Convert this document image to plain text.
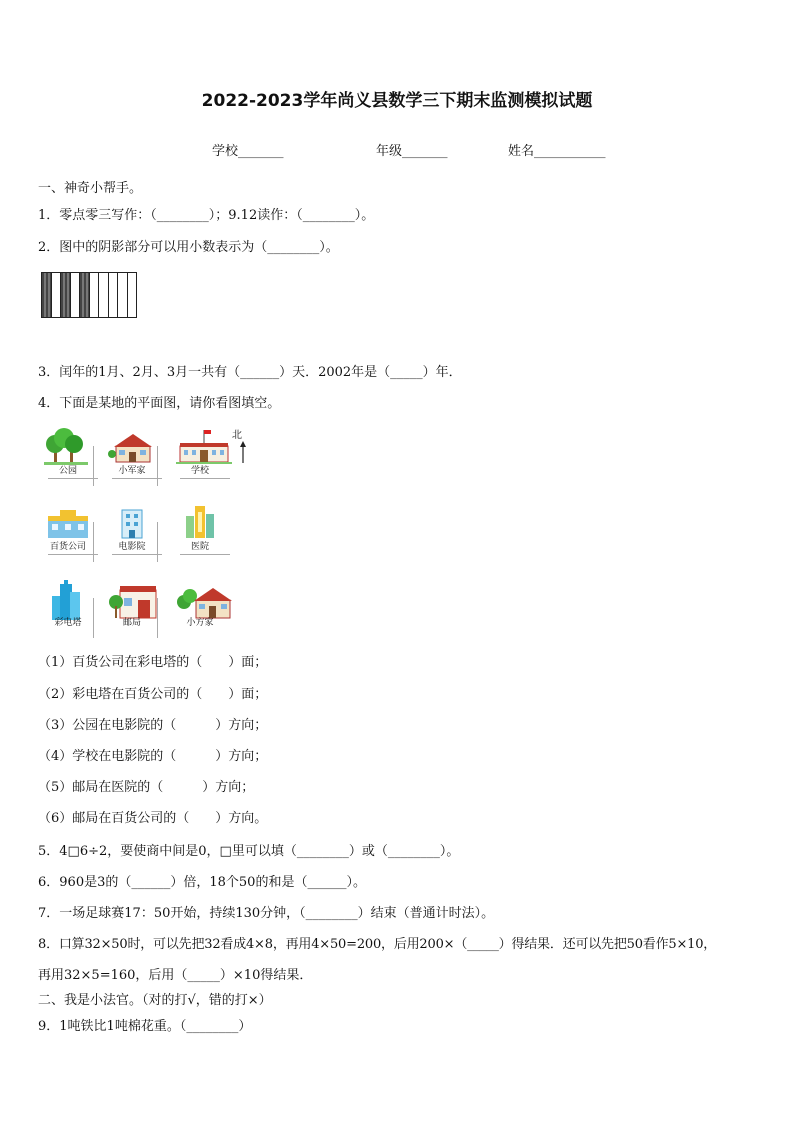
2022-2023学年尚义县数学三下期末监测模拟试题
学校_______	年级_______	姓名___________
一、神奇小帮手。
1．零点零三写作：（________）；9.12读作：（________）。
2．图中的阴影部分可以用小数表示为（________）。
3．闰年的1月、2月、3月一共有（______）天．2002年是（_____）年．
4．下面是某地的平面图，请你看图填空。
北
公园	小军家	学校
百货公司	电影院	医院
彩电塔	邮局	小方家
（1）百货公司在彩电塔的（　　）面；
（2）彩电塔在百货公司的（　　）面；
（3）公园在电影院的（　　　）方向；
（4）学校在电影院的（　　　）方向；
（5）邮局在医院的（　　　）方向；
（6）邮局在百货公司的（　　）方向。
5．4□6÷2，要使商中间是0，□里可以填（________）或（________）。
6．960是3的（______）倍，18个50的和是（______）。
7．一场足球赛17：50开始，持续130分钟，（________）结束（普通计时法）。
8．口算32×50时，可以先把32看成4×8，再用4×50=200，后用200×（_____）得结果．还可以先把50看作5×10，
再用32×5=160，后用（_____）×10得结果．
二、我是小法官。（对的打√，错的打×）
9．1吨铁比1吨棉花重。（________）
